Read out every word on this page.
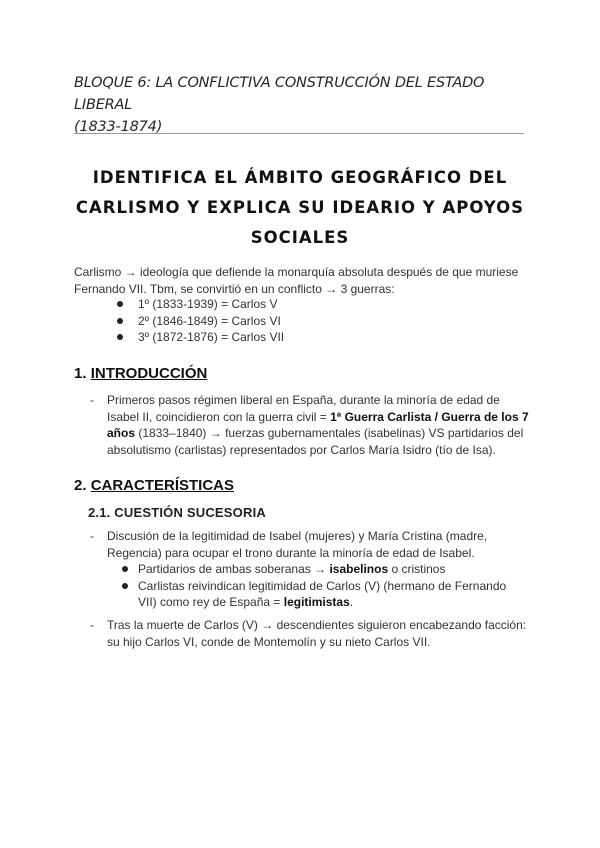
BLOQUE 6: LA CONFLICTIVA CONSTRUCCIÓN DEL ESTADO LIBERAL
(1833-1874)
IDENTIFICA EL ÁMBITO GEOGRÁFICO DEL
CARLISMO Y EXPLICA SU IDEARIO Y APOYOS
SOCIALES
Carlismo → ideología que defiende la monarquía absoluta después de que muriese
Fernando VII. Tbm, se convirtió en un conflicto → 3 guerras:
1º (1833-1939) = Carlos V
2º (1846-1849) = Carlos VI
3º (1872-1876) = Carlos VII
1. INTRODUCCIÓN
- Primeros pasos régimen liberal en España, durante la minoría de edad de Isabel II, coincidieron con la guerra civil = 1ª Guerra Carlista / Guerra de los 7 años (1833–1840) → fuerzas gubernamentales (isabelinas) VS partidarios del absolutismo (carlistas) representados por Carlos María Isidro (tío de Isa).
2. CARACTERÍSTICAS
2.1. CUESTIÓN SUCESORIA
- Discusión de la legitimidad de Isabel (mujeres) y María Cristina (madre, Regencia) para ocupar el trono durante la minoría de edad de Isabel.
Partidarios de ambas soberanas → isabelinos o cristinos
Carlistas reivindican legitimidad de Carlos (V) (hermano de Fernando VII) como rey de España = legitimistas.
- Tras la muerte de Carlos (V) → descendientes siguieron encabezando facción: su hijo Carlos VI, conde de Montemolín y su nieto Carlos VII.
